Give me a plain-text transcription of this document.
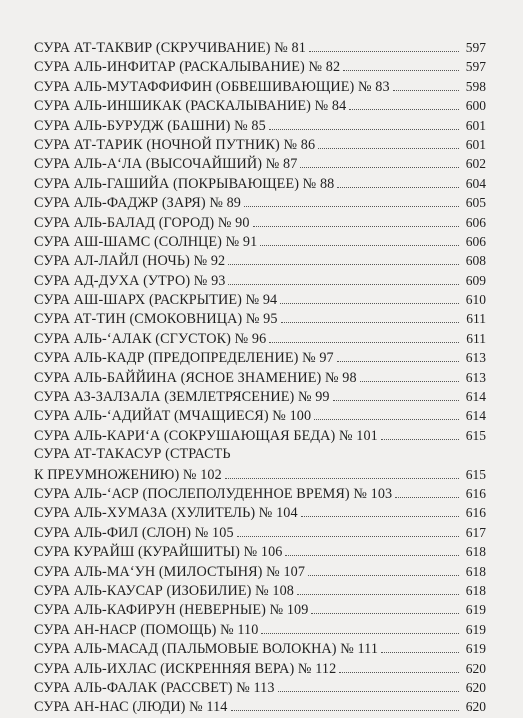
СУРА АТ-ТАКВИР (СКРУЧИВАНИЕ) № 81	597
СУРА АЛЬ-ИНФИТАР (РАСКАЛЫВАНИЕ) № 82	597
СУРА АЛЬ-МУТАФФИФИН (ОБВЕШИВАЮЩИЕ) № 83	598
СУРА АЛЬ-ИНШИКАК (РАСКАЛЫВАНИЕ) № 84	600
СУРА АЛЬ-БУРУДЖ (БАШНИ) № 85	601
СУРА АТ-ТАРИК (НОЧНОЙ ПУТНИК) № 86	601
СУРА АЛЬ-А‘ЛА (ВЫСОЧАЙШИЙ) № 87	602
СУРА АЛЬ-ГАШИЙА (ПОКРЫВАЮЩЕЕ) № 88	604
СУРА АЛЬ-ФАДЖР (ЗАРЯ) № 89	605
СУРА АЛЬ-БАЛАД (ГОРОД) № 90	606
СУРА АШ-ШАМС (СОЛНЦЕ) № 91	606
СУРА АЛ-ЛАЙЛ (НОЧЬ) № 92	608
СУРА АД-ДУХА (УТРО) № 93	609
СУРА АШ-ШАРХ (РАСКРЫТИЕ) № 94	610
СУРА АТ-ТИН (СМОКОВНИЦА) № 95	611
СУРА АЛЬ-‘АЛАК (СГУСТОК) № 96	611
СУРА АЛЬ-КАДР (ПРЕДОПРЕДЕЛЕНИЕ) № 97	613
СУРА АЛЬ-БАЙЙИНА (ЯСНОЕ ЗНАМЕНИЕ) № 98	613
СУРА АЗ-ЗАЛЗАЛА (ЗЕМЛЕТРЯСЕНИЕ) № 99	614
СУРА АЛЬ-‘АДИЙАТ (МЧАЩИЕСЯ) № 100	614
СУРА АЛЬ-КАРИ‘А (СОКРУШАЮЩАЯ БЕДА) № 101	615
СУРА АТ-ТАКАСУР (СТРАСТЬ
К ПРЕУМНОЖЕНИЮ) № 102	615
СУРА АЛЬ-‘АСР (ПОСЛЕПОЛУДЕННОЕ ВРЕМЯ) № 103	616
СУРА АЛЬ-ХУМАЗА (ХУЛИТЕЛЬ) № 104	616
СУРА АЛЬ-ФИЛ (СЛОН) № 105	617
СУРА КУРАЙШ (КУРАЙШИТЫ) № 106	618
СУРА АЛЬ-МА‘УН (МИЛОСТЫНЯ) № 107	618
СУРА АЛЬ-КАУСАР (ИЗОБИЛИЕ) № 108	618
СУРА АЛЬ-КАФИРУН (НЕВЕРНЫЕ) № 109	619
СУРА АН-НАСР (ПОМОЩЬ) № 110	619
СУРА АЛЬ-МАСАД (ПАЛЬМОВЫЕ ВОЛОКНА) № 111	619
СУРА АЛЬ-ИХЛАС (ИСКРЕННЯЯ ВЕРА) № 112	620
СУРА АЛЬ-ФАЛАК (РАССВЕТ) № 113	620
СУРА АН-НАС (ЛЮДИ) № 114	620
